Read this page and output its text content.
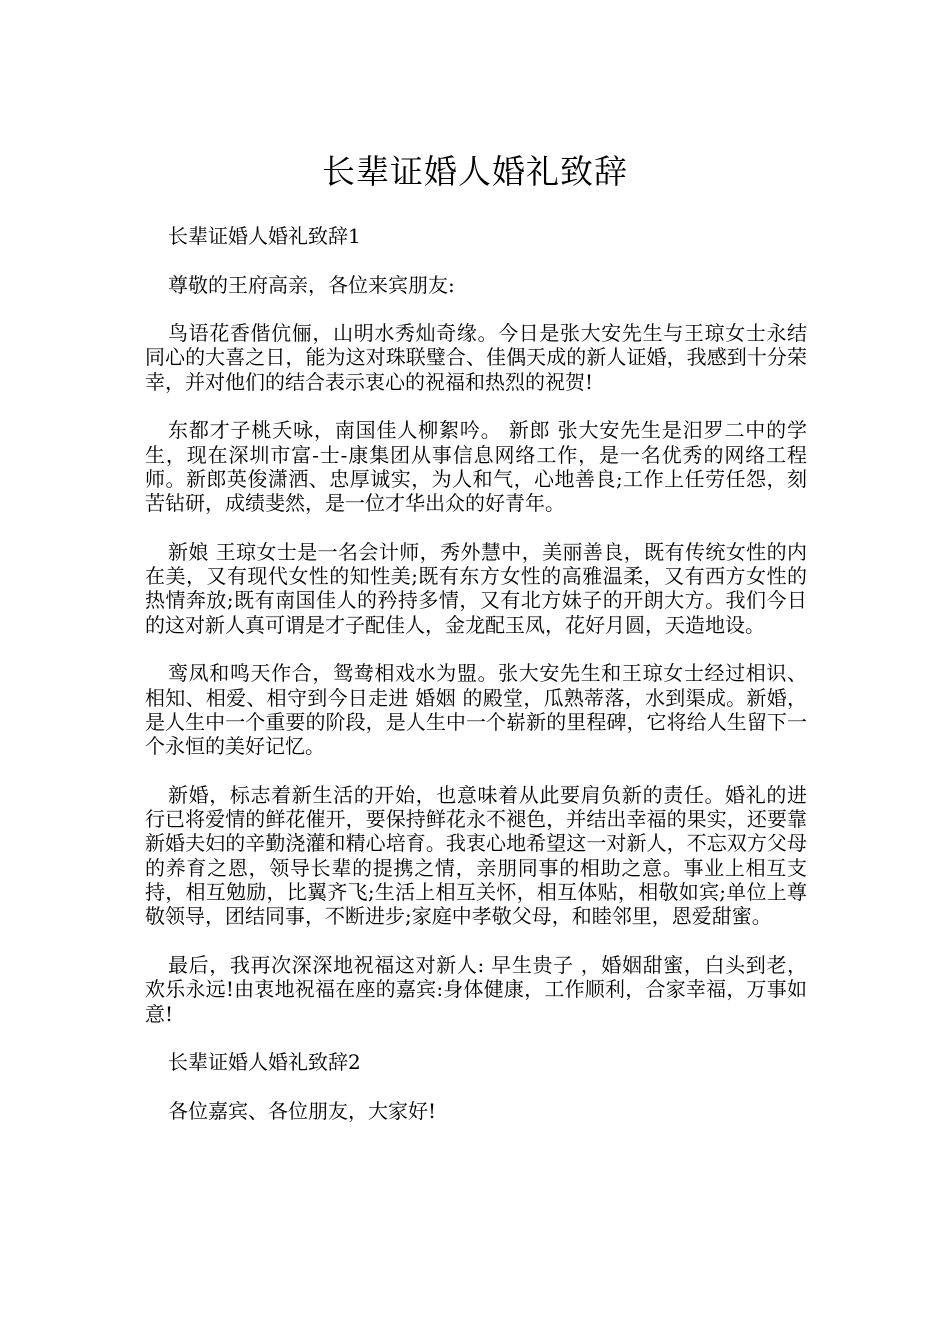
长辈证婚人婚礼致辞

长辈证婚人婚礼致辞1

尊敬的王府高亲，各位来宾朋友:

鸟语花香偕伉俪，山明水秀灿奇缘。今日是张大安先生与王琼女士永结同心的大喜之日，能为这对珠联璧合、佳偶天成的新人证婚，我感到十分荣幸，并对他们的结合表示衷心的祝福和热烈的祝贺!

东都才子桃夭咏，南国佳人柳絮吟。 新郎 张大安先生是汨罗二中的学生，现在深圳市富-士-康集团从事信息网络工作，是一名优秀的网络工程师。新郎英俊潇洒、忠厚诚实，为人和气，心地善良;工作上任劳任怨，刻苦钻研，成绩斐然，是一位才华出众的好青年。

新娘 王琼女士是一名会计师，秀外慧中，美丽善良，既有传统女性的内在美，又有现代女性的知性美;既有东方女性的高雅温柔，又有西方女性的热情奔放;既有南国佳人的矜持多情，又有北方妹子的开朗大方。我们今日的这对新人真可谓是才子配佳人，金龙配玉凤，花好月圆，天造地设。

鸾凤和鸣天作合，鸳鸯相戏水为盟。张大安先生和王琼女士经过相识、相知、相爱、相守到今日走进 婚姻 的殿堂，瓜熟蒂落，水到渠成。新婚，是人生中一个重要的阶段，是人生中一个崭新的里程碑，它将给人生留下一个永恒的美好记忆。

新婚，标志着新生活的开始，也意味着从此要肩负新的责任。婚礼的进行已将爱情的鲜花催开，要保持鲜花永不褪色，并结出幸福的果实，还要靠新婚夫妇的辛勤浇灌和精心培育。我衷心地希望这一对新人，不忘双方父母的养育之恩，领导长辈的提携之情，亲朋同事的相助之意。事业上相互支持，相互勉励，比翼齐飞;生活上相互关怀，相互体贴，相敬如宾;单位上尊敬领导，团结同事，不断进步;家庭中孝敬父母，和睦邻里，恩爱甜蜜。

最后，我再次深深地祝福这对新人: 早生贵子 ，婚姻甜蜜，白头到老，欢乐永远!由衷地祝福在座的嘉宾:身体健康，工作顺利，合家幸福，万事如意!

长辈证婚人婚礼致辞2

各位嘉宾、各位朋友，大家好!
